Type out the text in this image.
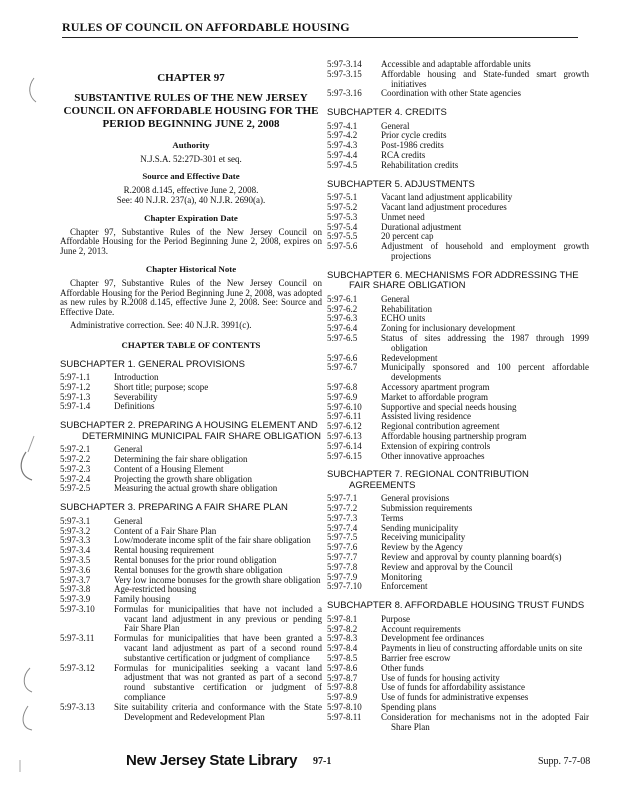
RULES OF COUNCIL ON AFFORDABLE HOUSING
CHAPTER 97
SUBSTANTIVE RULES OF THE NEW JERSEY COUNCIL ON AFFORDABLE HOUSING FOR THE PERIOD BEGINNING JUNE 2, 2008
Authority
N.J.S.A. 52:27D-301 et seq.
Source and Effective Date
R.2008 d.145, effective June 2, 2008.
See: 40 N.J.R. 237(a), 40 N.J.R. 2690(a).
Chapter Expiration Date
Chapter 97, Substantive Rules of the New Jersey Council on Affordable Housing for the Period Beginning June 2, 2008, expires on June 2, 2013.
Chapter Historical Note
Chapter 97, Substantive Rules of the New Jersey Council on Affordable Housing for the Period Beginning June 2, 2008, was adopted as new rules by R.2008 d.145, effective June 2, 2008. See: Source and Effective Date.
Administrative correction. See: 40 N.J.R. 3991(c).
CHAPTER TABLE OF CONTENTS
SUBCHAPTER 1. GENERAL PROVISIONS
5:97-1.1	Introduction
5:97-1.2	Short title; purpose; scope
5:97-1.3	Severability
5:97-1.4	Definitions
SUBCHAPTER 2. PREPARING A HOUSING ELEMENT AND DETERMINING MUNICIPAL FAIR SHARE OBLIGATION
5:97-2.1	General
5:97-2.2	Determining the fair share obligation
5:97-2.3	Content of a Housing Element
5:97-2.4	Projecting the growth share obligation
5:97-2.5	Measuring the actual growth share obligation
SUBCHAPTER 3. PREPARING A FAIR SHARE PLAN
5:97-3.1	General
5:97-3.2	Content of a Fair Share Plan
5:97-3.3	Low/moderate income split of the fair share obligation
5:97-3.4	Rental housing requirement
5:97-3.5	Rental bonuses for the prior round obligation
5:97-3.6	Rental bonuses for the growth share obligation
5:97-3.7	Very low income bonuses for the growth share obligation
5:97-3.8	Age-restricted housing
5:97-3.9	Family housing
5:97-3.10	Formulas for municipalities that have not included a vacant land adjustment in any previous or pending Fair Share Plan
5:97-3.11	Formulas for municipalities that have been granted a vacant land adjustment as part of a second round substantive certification or judgment of compliance
5:97-3.12	Formulas for municipalities seeking a vacant land adjustment that was not granted as part of a second round substantive certification or judgment of compliance
5:97-3.13	Site suitability criteria and conformance with the State Development and Redevelopment Plan
5:97-3.14	Accessible and adaptable affordable units
5:97-3.15	Affordable housing and State-funded smart growth initiatives
5:97-3.16	Coordination with other State agencies
SUBCHAPTER 4. CREDITS
5:97-4.1	General
5:97-4.2	Prior cycle credits
5:97-4.3	Post-1986 credits
5:97-4.4	RCA credits
5:97-4.5	Rehabilitation credits
SUBCHAPTER 5. ADJUSTMENTS
5:97-5.1	Vacant land adjustment applicability
5:97-5.2	Vacant land adjustment procedures
5:97-5.3	Unmet need
5:97-5.4	Durational adjustment
5:97-5.5	20 percent cap
5:97-5.6	Adjustment of household and employment growth projections
SUBCHAPTER 6. MECHANISMS FOR ADDRESSING THE FAIR SHARE OBLIGATION
5:97-6.1	General
5:97-6.2	Rehabilitation
5:97-6.3	ECHO units
5:97-6.4	Zoning for inclusionary development
5:97-6.5	Status of sites addressing the 1987 through 1999 obligation
5:97-6.6	Redevelopment
5:97-6.7	Municipally sponsored and 100 percent affordable developments
5:97-6.8	Accessory apartment program
5:97-6.9	Market to affordable program
5:97-6.10	Supportive and special needs housing
5:97-6.11	Assisted living residence
5:97-6.12	Regional contribution agreement
5:97-6.13	Affordable housing partnership program
5:97-6.14	Extension of expiring controls
5:97-6.15	Other innovative approaches
SUBCHAPTER 7. REGIONAL CONTRIBUTION AGREEMENTS
5:97-7.1	General provisions
5:97-7.2	Submission requirements
5:97-7.3	Terms
5:97-7.4	Sending municipality
5:97-7.5	Receiving municipality
5:97-7.6	Review by the Agency
5:97-7.7	Review and approval by county planning board(s)
5:97-7.8	Review and approval by the Council
5:97-7.9	Monitoring
5:97-7.10	Enforcement
SUBCHAPTER 8. AFFORDABLE HOUSING TRUST FUNDS
5:97-8.1	Purpose
5:97-8.2	Account requirements
5:97-8.3	Development fee ordinances
5:97-8.4	Payments in lieu of constructing affordable units on site
5:97-8.5	Barrier free escrow
5:97-8.6	Other funds
5:97-8.7	Use of funds for housing activity
5:97-8.8	Use of funds for affordability assistance
5:97-8.9	Use of funds for administrative expenses
5:97-8.10	Spending plans
5:97-8.11	Consideration for mechanisms not in the adopted Fair Share Plan
New Jersey State Library 97-1	Supp. 7-7-08
